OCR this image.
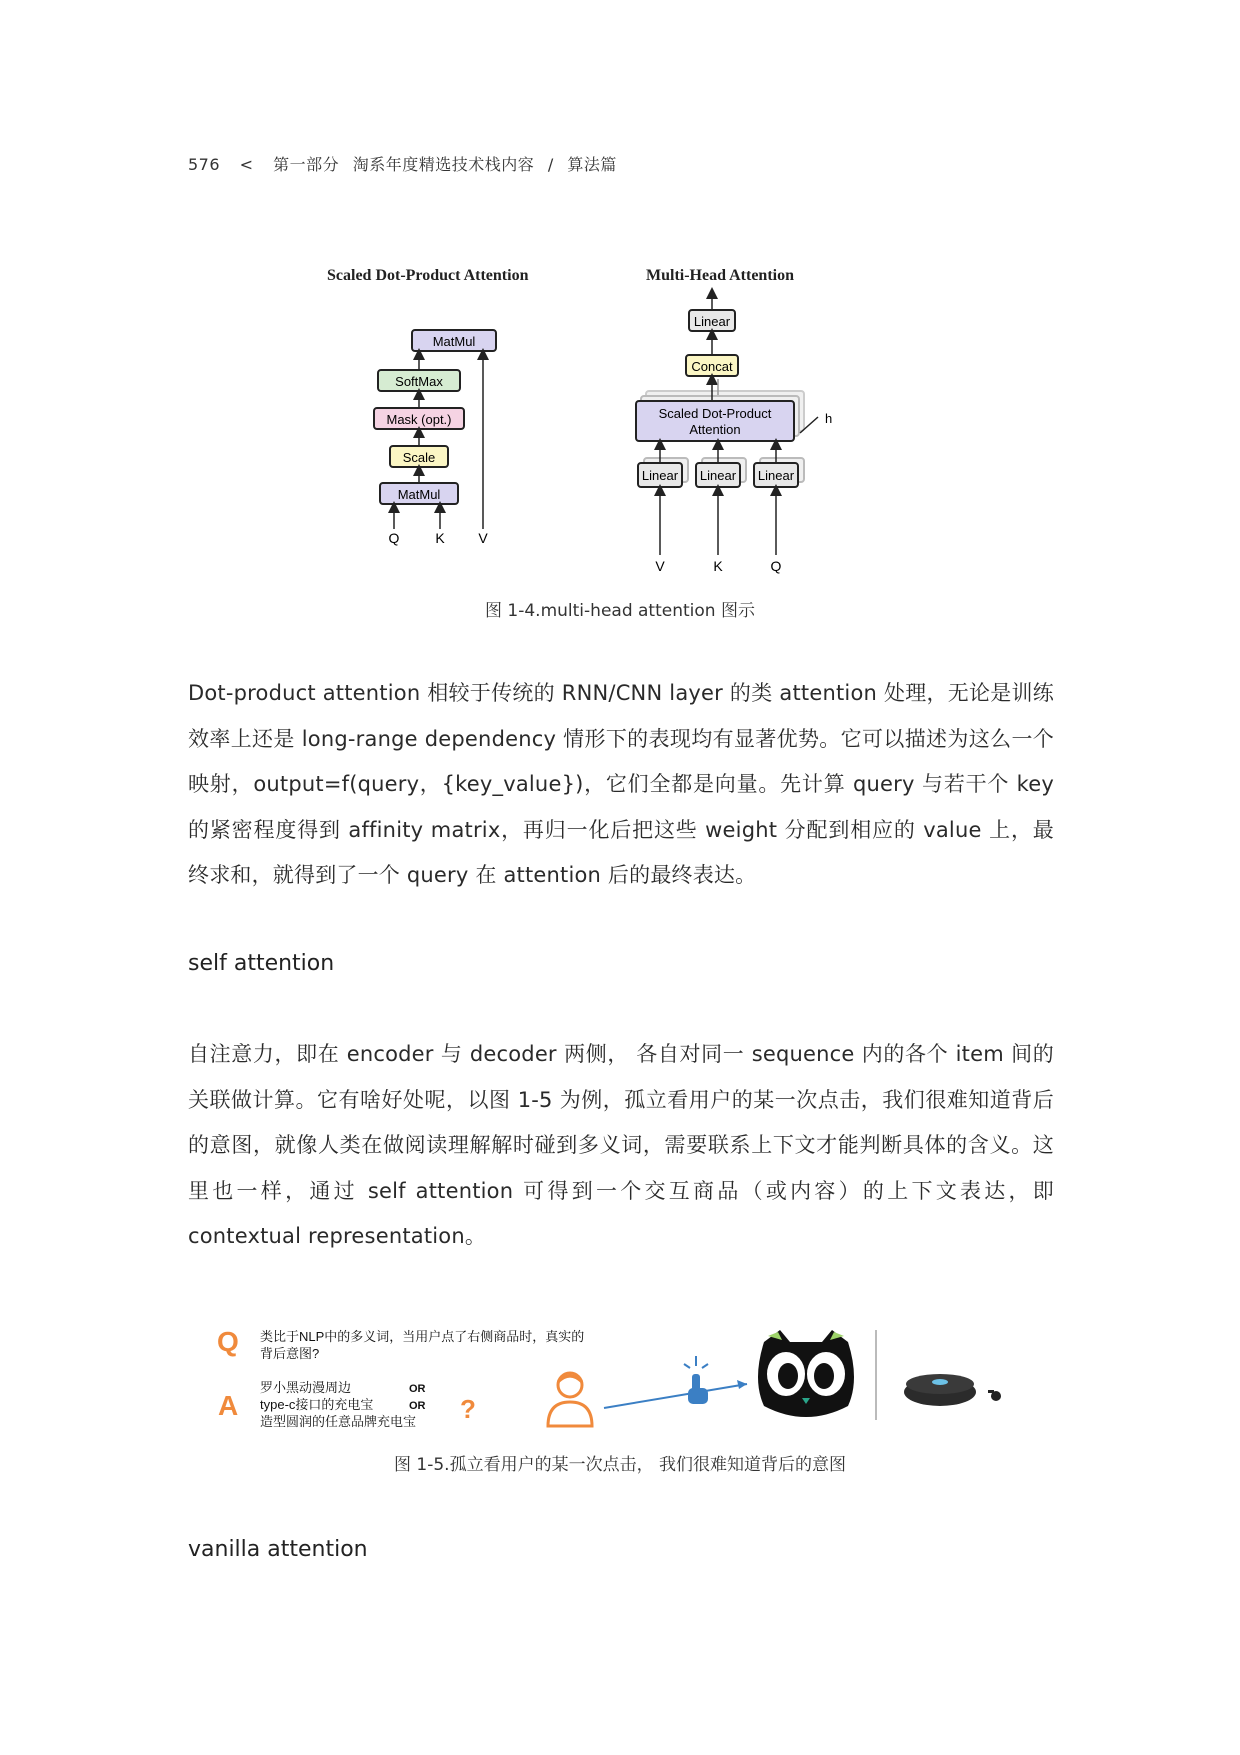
576 < 第一部分 淘系年度精选技术栈内容 / 算法篇
Scaled Dot-Product Attention
MatMul
SoftMax
Mask (opt.)
Scale
MatMul
Q	K V
Multi-Head Attention
Linear
Concat
Scaled Dot-Product
Attention
h
Linear Linear Linear
V	K	Q
图 1-4.multi-head attention 图示
Dot-product attention 相较于传统的 RNN/CNN layer 的类 attention 处理，无论是训练效率上还是 long-range dependency 情形下的表现均有显著优势。它可以描述为这么一个映射，output=f(query，{key_value})，它们全都是向量。先计算 query 与若干个 key 的紧密程度得到 affinity matrix，再归一化后把这些 weight 分配到相应的 value 上，最终求和，就得到了一个 query 在 attention 后的最终表达。
self attention
自注意力，即在 encoder 与 decoder 两侧， 各自对同一 sequence 内的各个 item 间的关联做计算。它有啥好处呢，以图 1-5 为例，孤立看用户的某一次点击，我们很难知道背后的意图，就像人类在做阅读理解解时碰到多义词，需要联系上下文才能判断具体的含义。这里也一样，通过 self attention 可得到一个交互商品（或内容）的上下文表达，即 contextual representation。
Q 类比于NLP中的多义词，当用户点了右侧商品时，真实的
背后意图?
A
罗小黑动漫周边
type-c接口的充电宝
造型圆润的任意品牌充电宝
OR
OR ?
图 1-5.孤立看用户的某一次点击， 我们很难知道背后的意图
vanilla attention
